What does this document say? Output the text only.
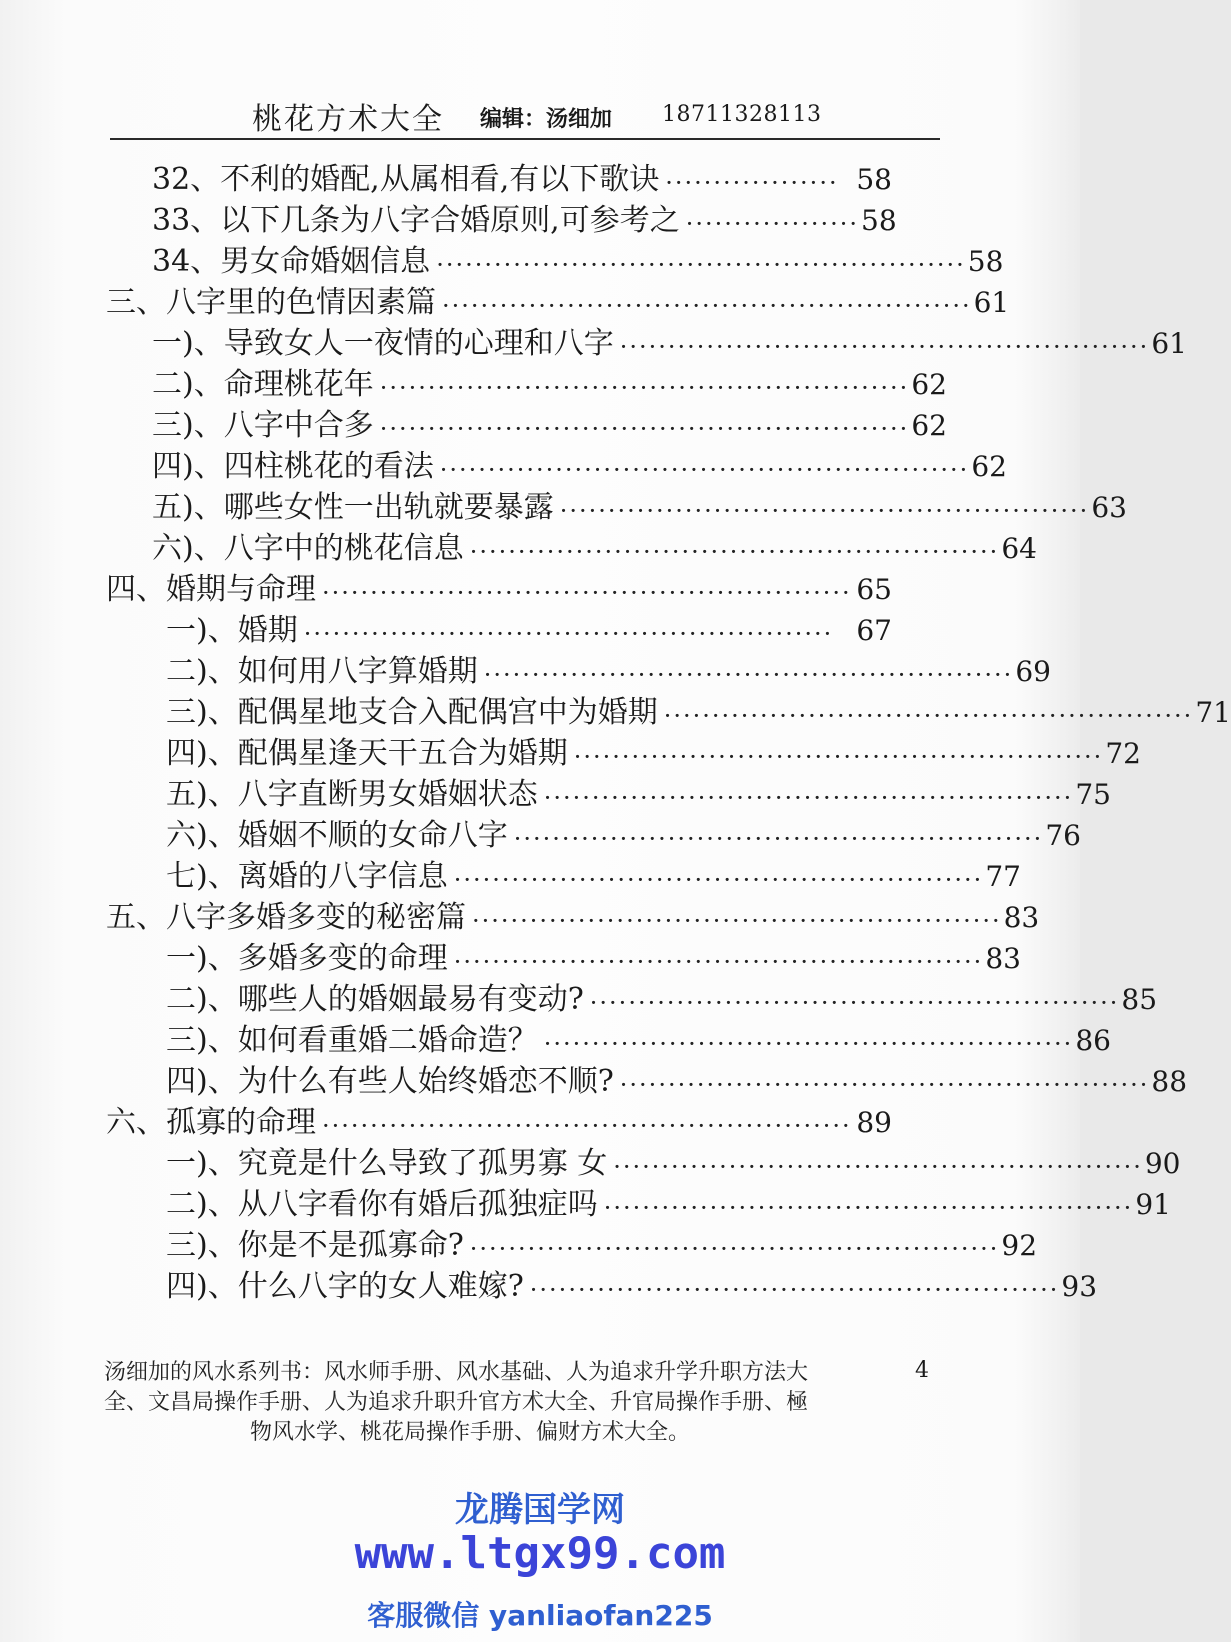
桃花方术大全 编辑：汤细加 18711328113
32、不利的婚配,从属相看,有以下歌诀 ·················· 58
33、以下几条为八字合婚原则,可参考之 ·················· 58
34、男女命婚姻信息 ······················································· 58
三、八字里的色情因素篇 ······················································· 61
一)、导致女人一夜情的心理和八字 ······················································· 61
二)、命理桃花年 ······················································· 62
三)、八字中合多 ······················································· 62
四)、四柱桃花的看法 ······················································· 62
五)、哪些女性一出轨就要暴露 ······················································· 63
六)、八字中的桃花信息 ······················································· 64
四、婚期与命理 ······················································· 65
一)、婚期 ······················································· 67
二)、如何用八字算婚期 ······················································· 69
三)、配偶星地支合入配偶宫中为婚期 ······················································· 71
四)、配偶星逢天干五合为婚期 ······················································· 72
五)、八字直断男女婚姻状态 ······················································· 75
六)、婚姻不顺的女命八字 ······················································· 76
七)、离婚的八字信息 ······················································· 77
五、八字多婚多变的秘密篇 ······················································· 83
一)、多婚多变的命理 ······················································· 83
二)、哪些人的婚姻最易有变动? ······················································· 85
三)、如何看重婚二婚命造？ ······················································· 86
四)、为什么有些人始终婚恋不顺? ······················································· 88
六、孤寡的命理 ······················································· 89
一)、究竟是什么导致了孤男寡 女 ······················································· 90
二)、从八字看你有婚后孤独症吗 ······················································· 91
三)、你是不是孤寡命? ······················································· 92
四)、什么八字的女人难嫁? ······················································· 93
汤细加的风水系列书：风水师手册、风水基础、人为追求升学升职方法大
全、文昌局操作手册、人为追求升职升官方术大全、升官局操作手册、極
物风水学、桃花局操作手册、偏财方术大全。
4
龙腾国学网
www.ltgx99.com
客服微信 yanliaofan225
